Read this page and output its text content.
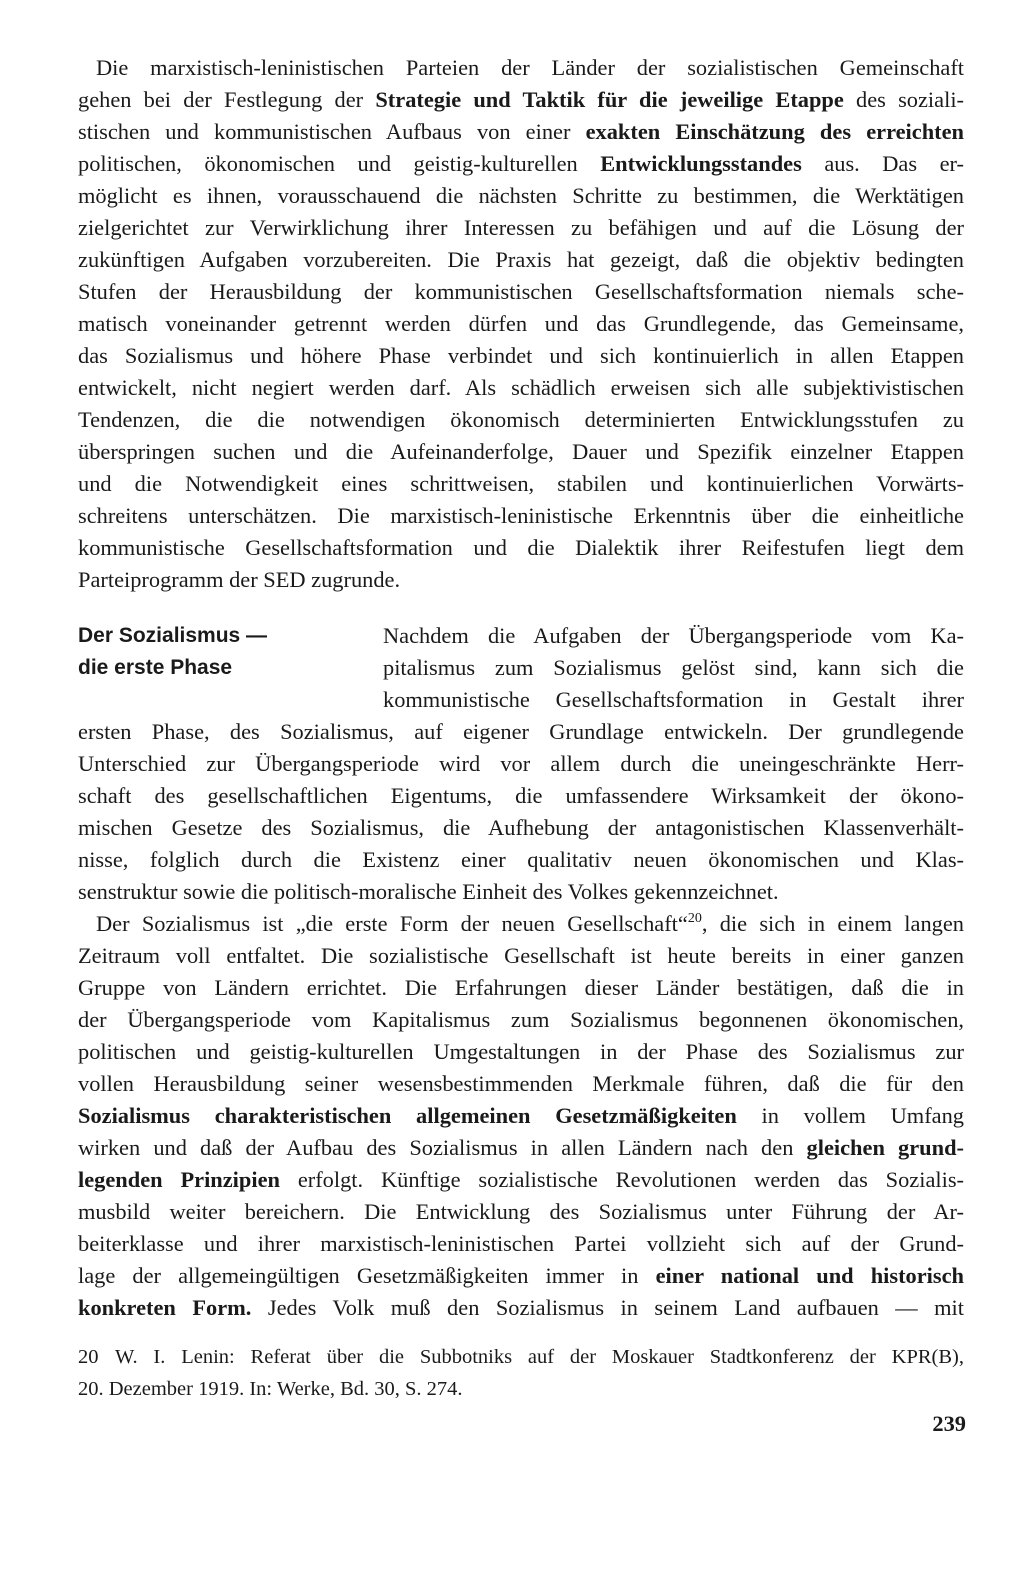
Die marxistisch-leninistischen Parteien der Länder der sozialistischen Gemeinschaft
gehen bei der Festlegung der Strategie und Taktik für die jeweilige Etappe des soziali-
stischen und kommunistischen Aufbaus von einer exakten Einschätzung des erreichten
politischen, ökonomischen und geistig-kulturellen Entwicklungsstandes aus. Das er-
möglicht es ihnen, vorausschauend die nächsten Schritte zu bestimmen, die Werktätigen
zielgerichtet zur Verwirklichung ihrer Interessen zu befähigen und auf die Lösung der
zukünftigen Aufgaben vorzubereiten. Die Praxis hat gezeigt, daß die objektiv bedingten
Stufen der Herausbildung der kommunistischen Gesellschaftsformation niemals sche-
matisch voneinander getrennt werden dürfen und das Grundlegende, das Gemeinsame,
das Sozialismus und höhere Phase verbindet und sich kontinuierlich in allen Etappen
entwickelt, nicht negiert werden darf. Als schädlich erweisen sich alle subjektivistischen
Tendenzen, die die notwendigen ökonomisch determinierten Entwicklungsstufen zu
überspringen suchen und die Aufeinanderfolge, Dauer und Spezifik einzelner Etappen
und die Notwendigkeit eines schrittweisen, stabilen und kontinuierlichen Vorwärts-
schreitens unterschätzen. Die marxistisch-leninistische Erkenntnis über die einheitliche
kommunistische Gesellschaftsformation und die Dialektik ihrer Reifestufen liegt dem
Parteiprogramm der SED zugrunde.
Der Sozialismus —
die erste Phase
Nachdem die Aufgaben der Übergangsperiode vom Ka-
pitalismus zum Sozialismus gelöst sind, kann sich die
kommunistische Gesellschaftsformation in Gestalt ihrer
ersten Phase, des Sozialismus, auf eigener Grundlage entwickeln. Der grundlegende
Unterschied zur Übergangsperiode wird vor allem durch die uneingeschränkte Herr-
schaft des gesellschaftlichen Eigentums, die umfassendere Wirksamkeit der ökono-
mischen Gesetze des Sozialismus, die Aufhebung der antagonistischen Klassenverhält-
nisse, folglich durch die Existenz einer qualitativ neuen ökonomischen und Klas-
senstruktur sowie die politisch-moralische Einheit des Volkes gekennzeichnet.
Der Sozialismus ist „die erste Form der neuen Gesellschaft“$^{20}$, die sich in einem langen
Zeitraum voll entfaltet. Die sozialistische Gesellschaft ist heute bereits in einer ganzen
Gruppe von Ländern errichtet. Die Erfahrungen dieser Länder bestätigen, daß die in
der Übergangsperiode vom Kapitalismus zum Sozialismus begonnenen ökonomischen,
politischen und geistig-kulturellen Umgestaltungen in der Phase des Sozialismus zur
vollen Herausbildung seiner wesensbestimmenden Merkmale führen, daß die für den
Sozialismus charakteristischen allgemeinen Gesetzmäßigkeiten in vollem Umfang
wirken und daß der Aufbau des Sozialismus in allen Ländern nach den gleichen grund-
legenden Prinzipien erfolgt. Künftige sozialistische Revolutionen werden das Sozialis-
musbild weiter bereichern. Die Entwicklung des Sozialismus unter Führung der Ar-
beiterklasse und ihrer marxistisch-leninistischen Partei vollzieht sich auf der Grund-
lage der allgemeingültigen Gesetzmäßigkeiten immer in einer national und historisch
konkreten Form. Jedes Volk muß den Sozialismus in seinem Land aufbauen — mit
20 W. I. Lenin: Referat über die Subbotniks auf der Moskauer Stadtkonferenz der KPR(B),
20. Dezember 1919. In: Werke, Bd. 30, S. 274.
239
